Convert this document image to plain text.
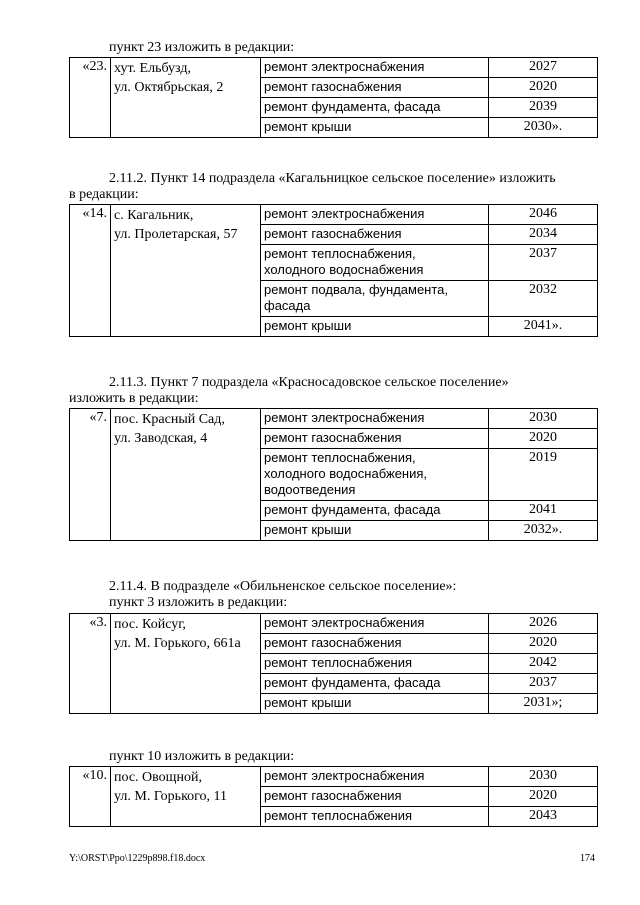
пункт 23 изложить в редакции:
«23.	хут. Ельбузд,
ул. Октябрьская, 2	ремонт электроснабжения	2027

		ремонт газоснабжения	2020

		ремонт фундамента, фасада	2039

		ремонт крыши	2030».
2.11.2. Пункт 14 подраздела «Кагальницкое сельское поселение» изложить
в редакции:
«14.	с. Кагальник,
ул. Пролетарская, 57	ремонт электроснабжения	2046

		ремонт газоснабжения	2034

		ремонт теплоснабжения,
холодного водоснабжения	2037

		ремонт подвала, фундамента,
фасада	2032

		ремонт крыши	2041».
2.11.3. Пункт 7 подраздела «Красносадовское сельское поселение»
изложить в редакции:
«7.	пос. Красный Сад,
ул. Заводская, 4	ремонт электроснабжения	2030

		ремонт газоснабжения	2020

		ремонт теплоснабжения,
холодного водоснабжения,
водоотведения	2019

		ремонт фундамента, фасада	2041

		ремонт крыши	2032».
2.11.4. В подразделе «Обильненское сельское поселение»:
пункт 3 изложить в редакции:
«3.	пос. Койсуг,
ул. М. Горького, 661а	ремонт электроснабжения	2026

		ремонт газоснабжения	2020

		ремонт теплоснабжения	2042

		ремонт фундамента, фасада	2037

		ремонт крыши	2031»;
пункт 10 изложить в редакции:
«10.	пос. Овощной,
ул. М. Горького, 11	ремонт электроснабжения	2030

		ремонт газоснабжения	2020

		ремонт теплоснабжения	2043
Y:\ORST\Ppo\1229p898.f18.docx	174
